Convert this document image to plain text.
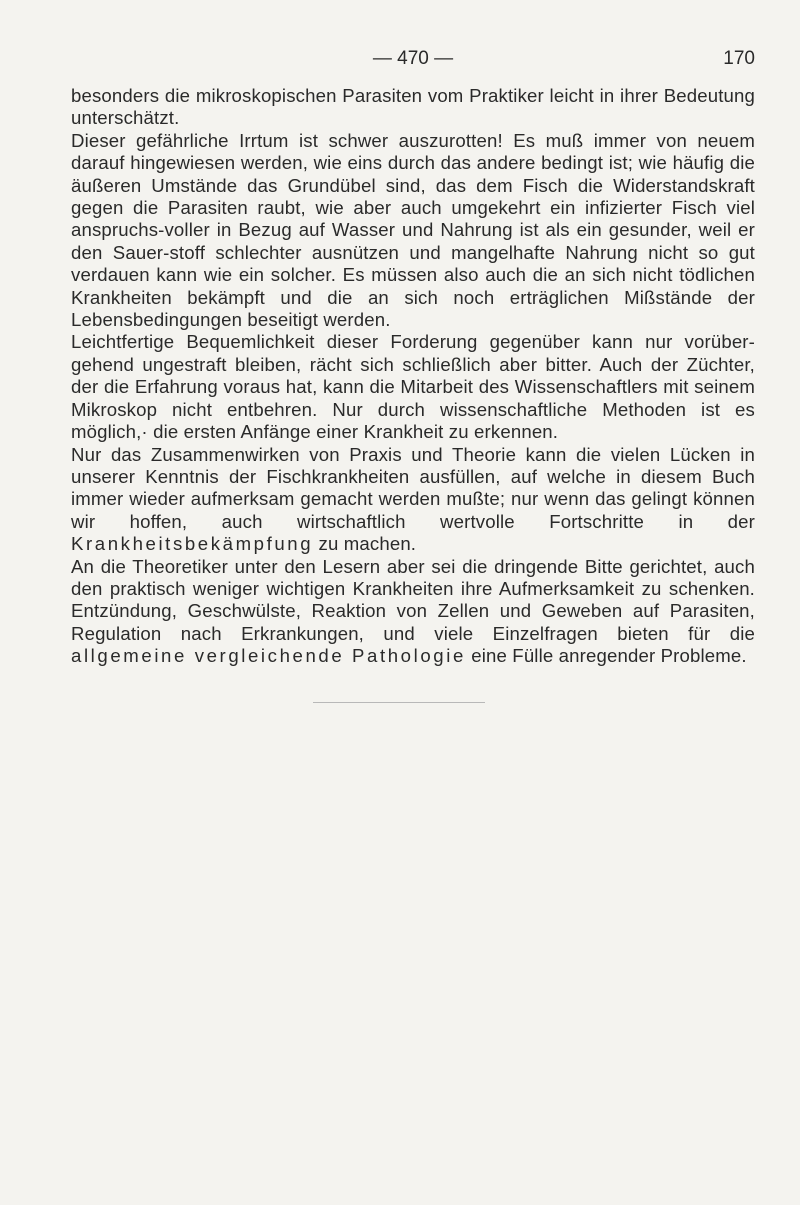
— 470 —	170

besonders die mikroskopischen Parasiten vom Praktiker leicht in ihrer Bedeutung unterschätzt.

Dieser gefährliche Irrtum ist schwer auszurotten! Es muß immer von neuem darauf hingewiesen werden, wie eins durch das andere bedingt ist; wie häufig die äußeren Umstände das Grundübel sind, das dem Fisch die Widerstandskraft gegen die Parasiten raubt, wie aber auch umgekehrt ein infizierter Fisch viel anspruchs-voller in Bezug auf Wasser und Nahrung ist als ein gesunder, weil er den Sauer-stoff schlechter ausnützen und mangelhafte Nahrung nicht so gut verdauen kann wie ein solcher. Es müssen also auch die an sich nicht tödlichen Krankheiten bekämpft und die an sich noch erträglichen Mißstände der Lebensbedingungen beseitigt werden.

Leichtfertige Bequemlichkeit dieser Forderung gegenüber kann nur vorüber-gehend ungestraft bleiben, rächt sich schließlich aber bitter. Auch der Züchter, der die Erfahrung voraus hat, kann die Mitarbeit des Wissenschaftlers mit seinem Mikroskop nicht entbehren. Nur durch wissenschaftliche Methoden ist es möglich,· die ersten Anfänge einer Krankheit zu erkennen.

Nur das Zusammenwirken von Praxis und Theorie kann die vielen Lücken in unserer Kenntnis der Fischkrankheiten ausfüllen, auf welche in diesem Buch immer wieder aufmerksam gemacht werden mußte; nur wenn das gelingt können wir hoffen, auch wirtschaftlich wertvolle Fortschritte in der Krankheitsbekämpfung zu machen.

An die Theoretiker unter den Lesern aber sei die dringende Bitte gerichtet, auch den praktisch weniger wichtigen Krankheiten ihre Aufmerksamkeit zu schenken. Entzündung, Geschwülste, Reaktion von Zellen und Geweben auf Parasiten, Regulation nach Erkrankungen, und viele Einzelfragen bieten für die allgemeine vergleichende Pathologie eine Fülle anregender Probleme.
